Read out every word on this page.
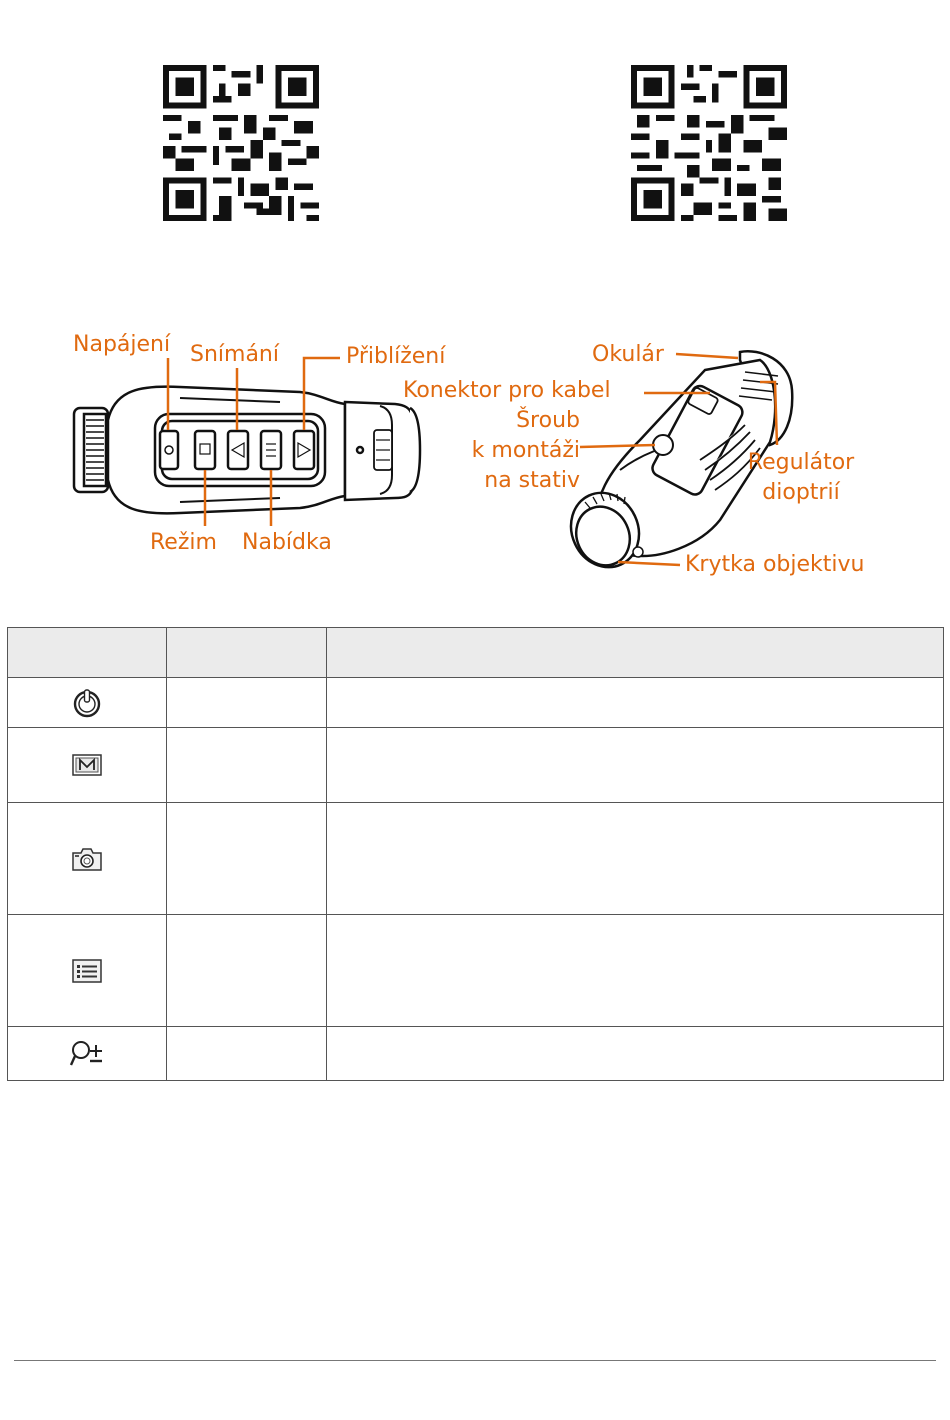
Napájení Snímání	Přiblížení
Režim Nabídka
Okulár
Konektor pro kabel
Šroub
k montáži
na stativ
Regulátor
dioptrií
Krytka objektivu
